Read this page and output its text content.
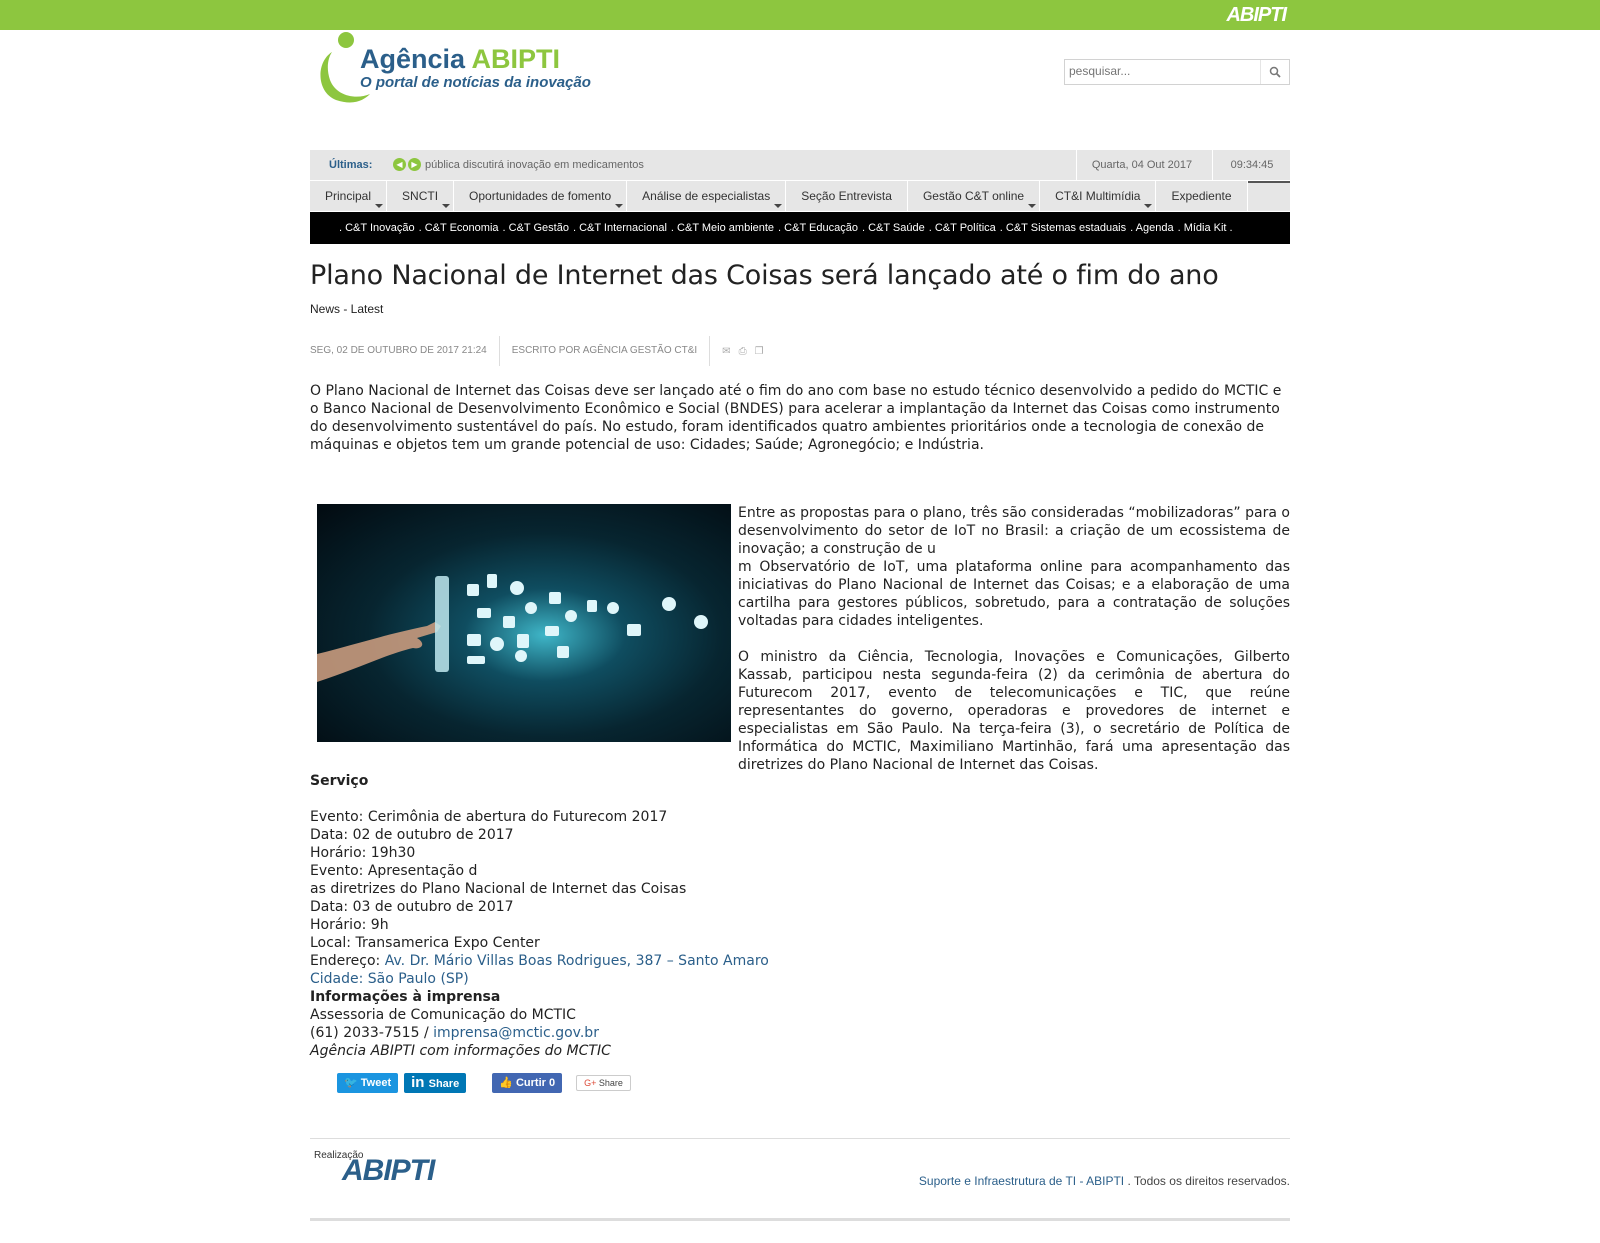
ABIPTI
Agência ABIPTI
O portal de notícias da inovação
pesquisar...
Últimas:	◀	▶ pública discutirá inovação em medicamentos	Quarta, 04 Out 2017	09:34:45
Principal	SNCTI	Oportunidades de fomento	Análise de especialistas	Seção Entrevista	Gestão C&T online	CT&I Multimídia	Expediente
. C&T Inovação . C&T Economia . C&T Gestão . C&T Internacional . C&T Meio ambiente . C&T Educação . C&T Saúde . C&T Política . C&T Sistemas estaduais . Agenda . Mídia Kit .
Plano Nacional de Internet das Coisas será lançado até o fim do ano
News - Latest
SEG, 02 DE OUTUBRO DE 2017 21:24	ESCRITO POR AGÊNCIA GESTÃO CT&I	✉ ⎙ ❐
O Plano Nacional de Internet das Coisas deve ser lançado até o fim do ano com base no estudo técnico desenvolvido a pedido do MCTIC e o Banco Nacional de Desenvolvimento Econômico e Social (BNDES) para acelerar a implantação da Internet das Coisas como instrumento do desenvolvimento sustentável do país. No estudo, foram identificados quatro ambientes prioritários onde a tecnologia de conexão de máquinas e objetos tem um grande potencial de uso: Cidades; Saúde; Agronegócio; e Indústria.
Entre as propostas para o plano, três são consideradas “mobilizadoras” para o desenvolvimento do setor de IoT no Brasil: a criação de um ecossistema de inovação; a construção de u
m Observatório de IoT, uma plataforma online para acompanhamento das iniciativas do Plano Nacional de Internet das Coisas; e a elaboração de uma cartilha para gestores públicos, sobretudo, para a contratação de soluções voltadas para cidades inteligentes.
O ministro da Ciência, Tecnologia, Inovações e Comunicações, Gilberto Kassab, participou nesta segunda-feira (2) da cerimônia de abertura do Futurecom 2017, evento de telecomunicações e TIC, que reúne representantes do governo, operadoras e provedores de internet e especialistas em São Paulo. Na terça-feira (3), o secretário de Política de Informática do MCTIC, Maximiliano Martinhão, fará uma apresentação das diretrizes do Plano Nacional de Internet das Coisas.
Serviço
Evento: Cerimônia de abertura do Futurecom 2017
Data: 02 de outubro de 2017
Horário: 19h30
Evento: Apresentação d
as diretrizes do Plano Nacional de Internet das Coisas
Data: 03 de outubro de 2017
Horário: 9h
Local: Transamerica Expo Center
Endereço: Av. Dr. Mário Villas Boas Rodrigues, 387 – Santo Amaro
Cidade: São Paulo (SP)
Informações à imprensa
Assessoria de Comunicação do MCTIC
(61) 2033-7515 / imprensa@mctic.gov.br
Agência ABIPTI com informações do MCTIC
🐦 Tweet	in Share	👍 Curtir 0	G+ Share
Realização
ABIPTI	Suporte e Infraestrutura de TI - ABIPTI . Todos os direitos reservados.
